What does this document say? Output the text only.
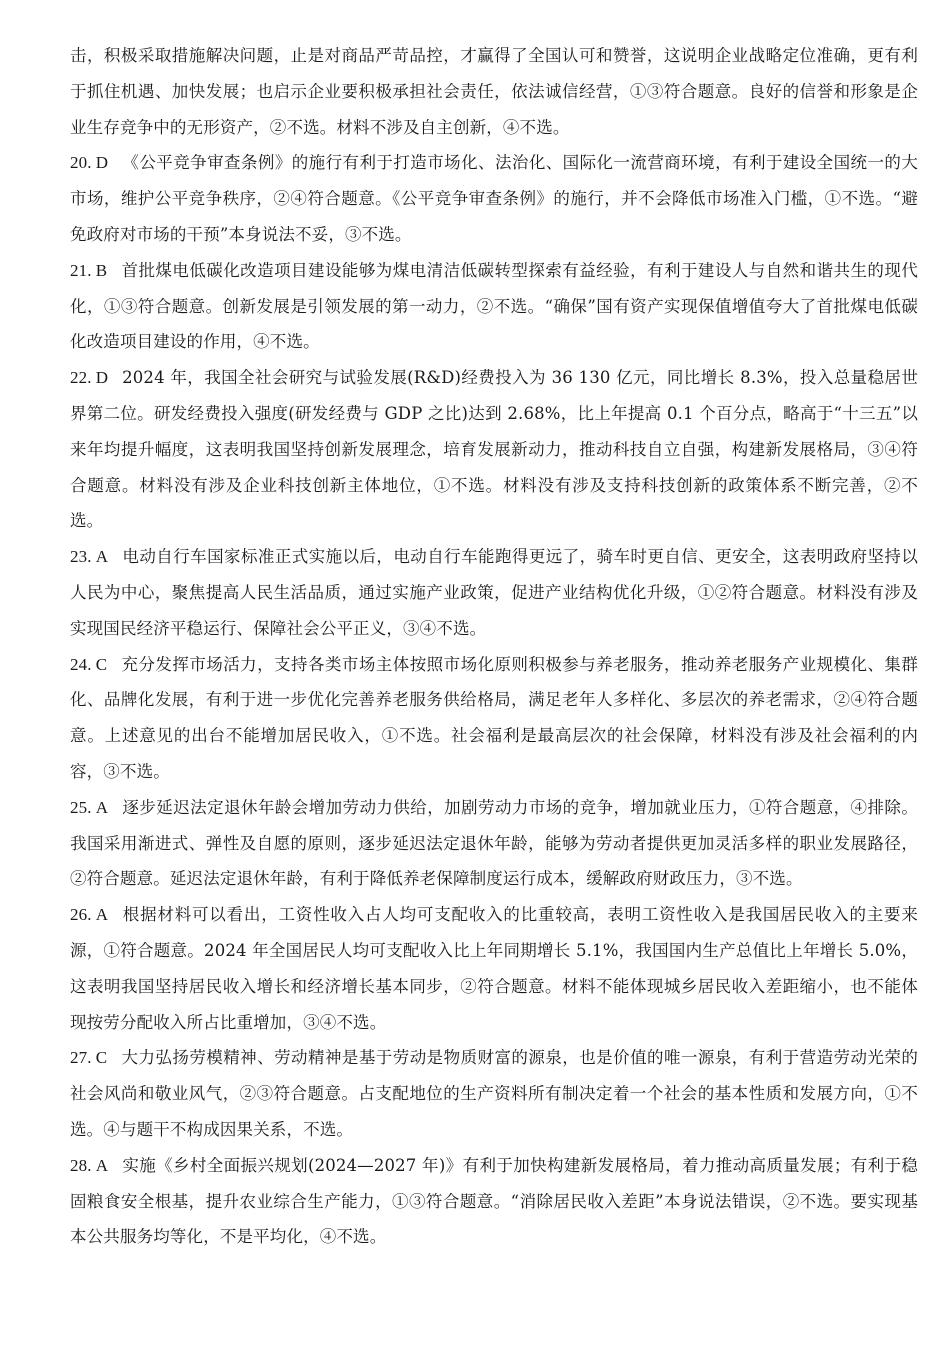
击，积极采取措施解决问题，止是对商品严苛品控，才赢得了全国认可和赞誉，这说明企业战略定位准确，更有利于抓住机遇、加快发展；也启示企业要积极承担社会责任，依法诚信经营，①③符合题意。良好的信誉和形象是企业生存竞争中的无形资产，②不选。材料不涉及自主创新，④不选。

20. D 《公平竞争审查条例》的施行有利于打造市场化、法治化、国际化一流营商环境，有利于建设全国统一的大市场，维护公平竞争秩序，②④符合题意。《公平竞争审查条例》的施行，并不会降低市场准入门槛，①不选。“避免政府对市场的干预”本身说法不妥，③不选。
21. B 首批煤电低碳化改造项目建设能够为煤电清洁低碳转型探索有益经验，有利于建设人与自然和谐共生的现代化，①③符合题意。创新发展是引领发展的第一动力，②不选。“确保”国有资产实现保值增值夸大了首批煤电低碳化改造项目建设的作用，④不选。
22. D 2024 年，我国全社会研究与试验发展(R&D)经费投入为 36 130 亿元，同比增长 8.3%，投入总量稳居世界第二位。研发经费投入强度(研发经费与 GDP 之比)达到 2.68%，比上年提高 0.1 个百分点，略高于“十三五”以来年均提升幅度，这表明我国坚持创新发展理念，培育发展新动力，推动科技自立自强，构建新发展格局，③④符合题意。材料没有涉及企业科技创新主体地位，①不选。材料没有涉及支持科技创新的政策体系不断完善，②不选。
23. A 电动自行车国家标准正式实施以后，电动自行车能跑得更远了，骑车时更自信、更安全，这表明政府坚持以人民为中心，聚焦提高人民生活品质，通过实施产业政策，促进产业结构优化升级，①②符合题意。材料没有涉及实现国民经济平稳运行、保障社会公平正义，③④不选。
24. C 充分发挥市场活力，支持各类市场主体按照市场化原则积极参与养老服务，推动养老服务产业规模化、集群化、品牌化发展，有利于进一步优化完善养老服务供给格局，满足老年人多样化、多层次的养老需求，②④符合题意。上述意见的出台不能增加居民收入，①不选。社会福利是最高层次的社会保障，材料没有涉及社会福利的内容，③不选。
25. A 逐步延迟法定退休年龄会增加劳动力供给，加剧劳动力市场的竞争，增加就业压力，①符合题意，④排除。我国采用渐进式、弹性及自愿的原则，逐步延迟法定退休年龄，能够为劳动者提供更加灵活多样的职业发展路径，②符合题意。延迟法定退休年龄，有利于降低养老保障制度运行成本，缓解政府财政压力，③不选。
26. A 根据材料可以看出，工资性收入占人均可支配收入的比重较高，表明工资性收入是我国居民收入的主要来源，①符合题意。2024 年全国居民人均可支配收入比上年同期增长 5.1%，我国国内生产总值比上年增长 5.0%，这表明我国坚持居民收入增长和经济增长基本同步，②符合题意。材料不能体现城乡居民收入差距缩小，也不能体现按劳分配收入所占比重增加，③④不选。
27. C 大力弘扬劳模精神、劳动精神是基于劳动是物质财富的源泉，也是价值的唯一源泉，有利于营造劳动光荣的社会风尚和敬业风气，②③符合题意。占支配地位的生产资料所有制决定着一个社会的基本性质和发展方向，①不选。④与题干不构成因果关系，不选。
28. A 实施《乡村全面振兴规划(2024—2027 年)》有利于加快构建新发展格局，着力推动高质量发展；有利于稳固粮食安全根基，提升农业综合生产能力，①③符合题意。“消除居民收入差距”本身说法错误，②不选。要实现基本公共服务均等化，不是平均化，④不选。
